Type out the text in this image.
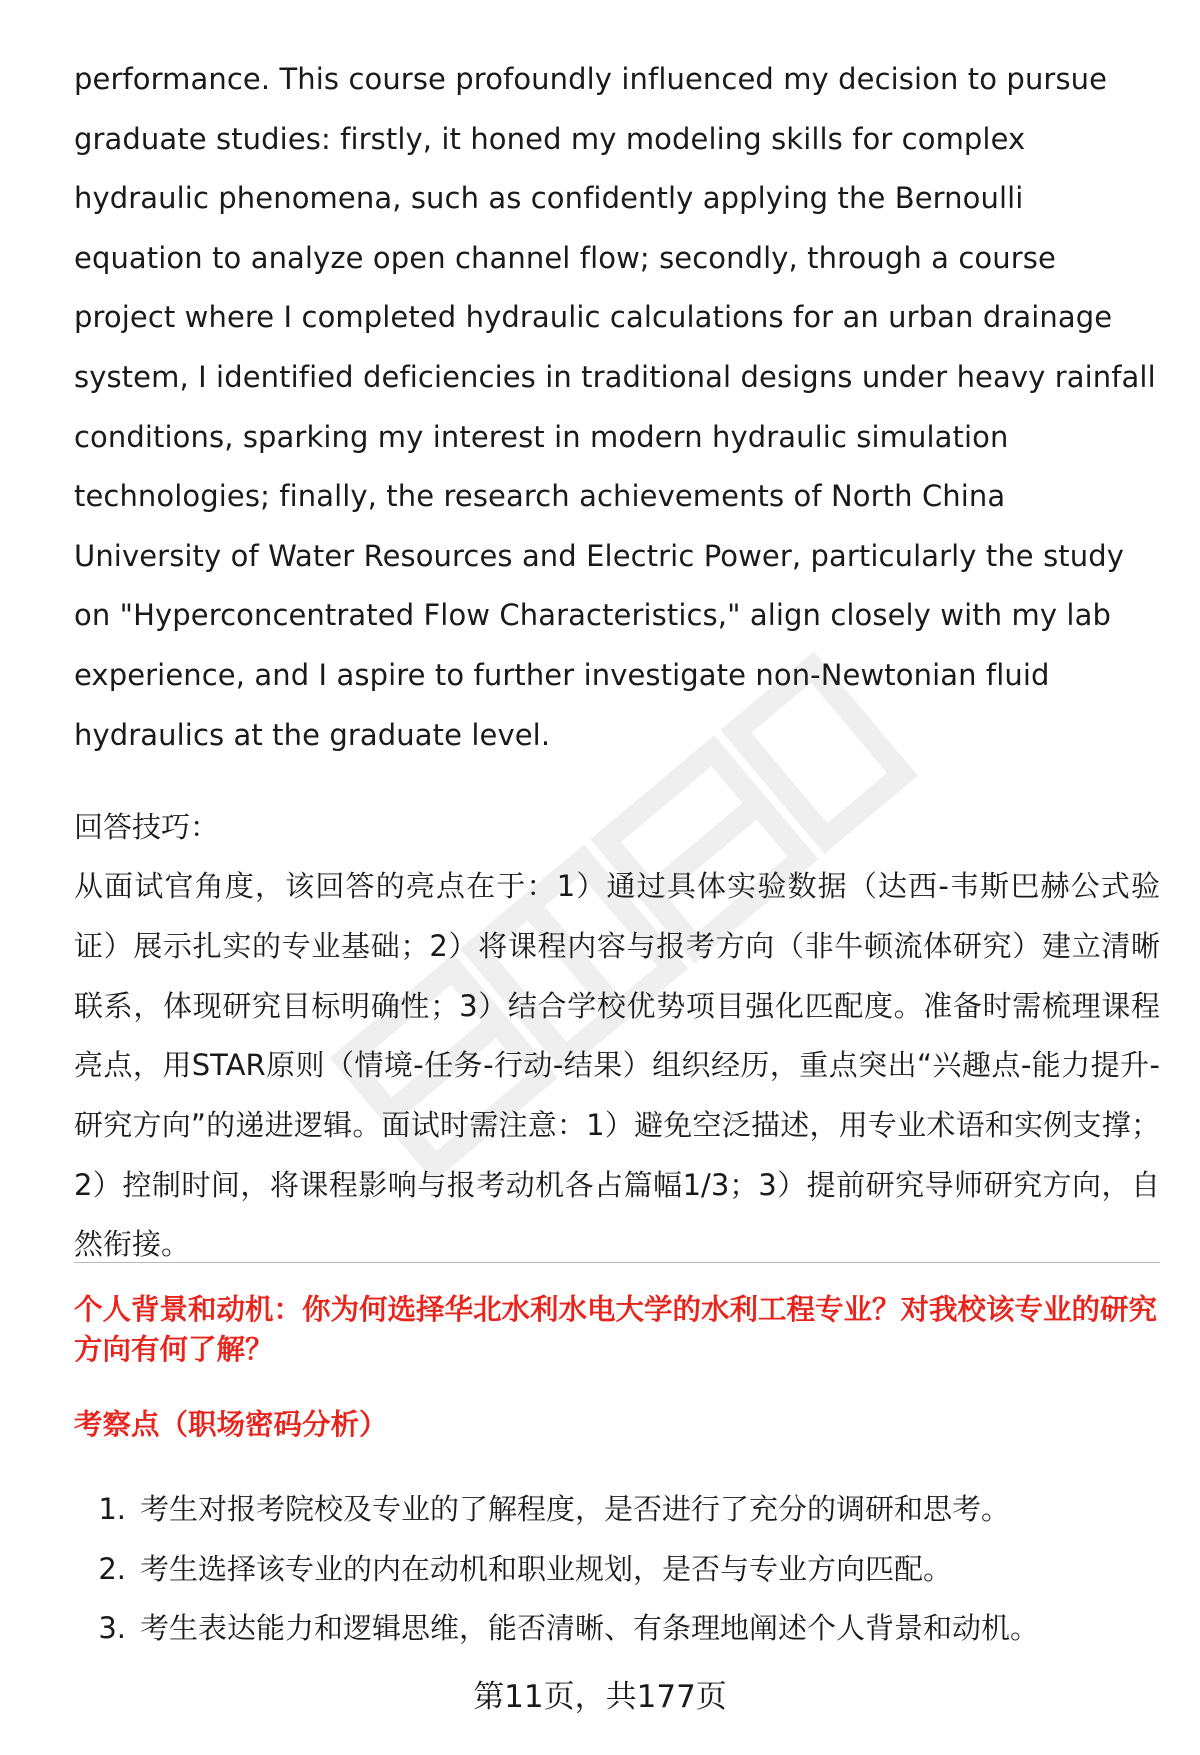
performance. This course profoundly influenced my decision to pursue graduate studies: firstly, it honed my modeling skills for complex hydraulic phenomena, such as confidently applying the Bernoulli equation to analyze open channel flow; secondly, through a course project where I completed hydraulic calculations for an urban drainage system, I identified deficiencies in traditional designs under heavy rainfall conditions, sparking my interest in modern hydraulic simulation technologies; finally, the research achievements of North China University of Water Resources and Electric Power, particularly the study on "Hyperconcentrated Flow Characteristics," align closely with my lab experience, and I aspire to further investigate non-Newtonian fluid hydraulics at the graduate level.

回答技巧：

从面试官角度，该回答的亮点在于：1）通过具体实验数据（达西-韦斯巴赫公式验证）展示扎实的专业基础；2）将课程内容与报考方向（非牛顿流体研究）建立清晰联系，体现研究目标明确性；3）结合学校优势项目强化匹配度。准备时需梳理课程亮点，用STAR原则（情境-任务-行动-结果）组织经历，重点突出“兴趣点-能力提升-研究方向”的递进逻辑。面试时需注意：1）避免空泛描述，用专业术语和实例支撑；2）控制时间，将课程影响与报考动机各占篇幅1/3；3）提前研究导师研究方向，自然衔接。

个人背景和动机：你为何选择华北水利水电大学的水利工程专业？对我校该专业的研究方向有何了解？

考察点（职场密码分析）

1. 考生对报考院校及专业的了解程度，是否进行了充分的调研和思考。
2. 考生选择该专业的内在动机和职业规划，是否与专业方向匹配。
3. 考生表达能力和逻辑思维，能否清晰、有条理地阐述个人背景和动机。
第11页，共177页
